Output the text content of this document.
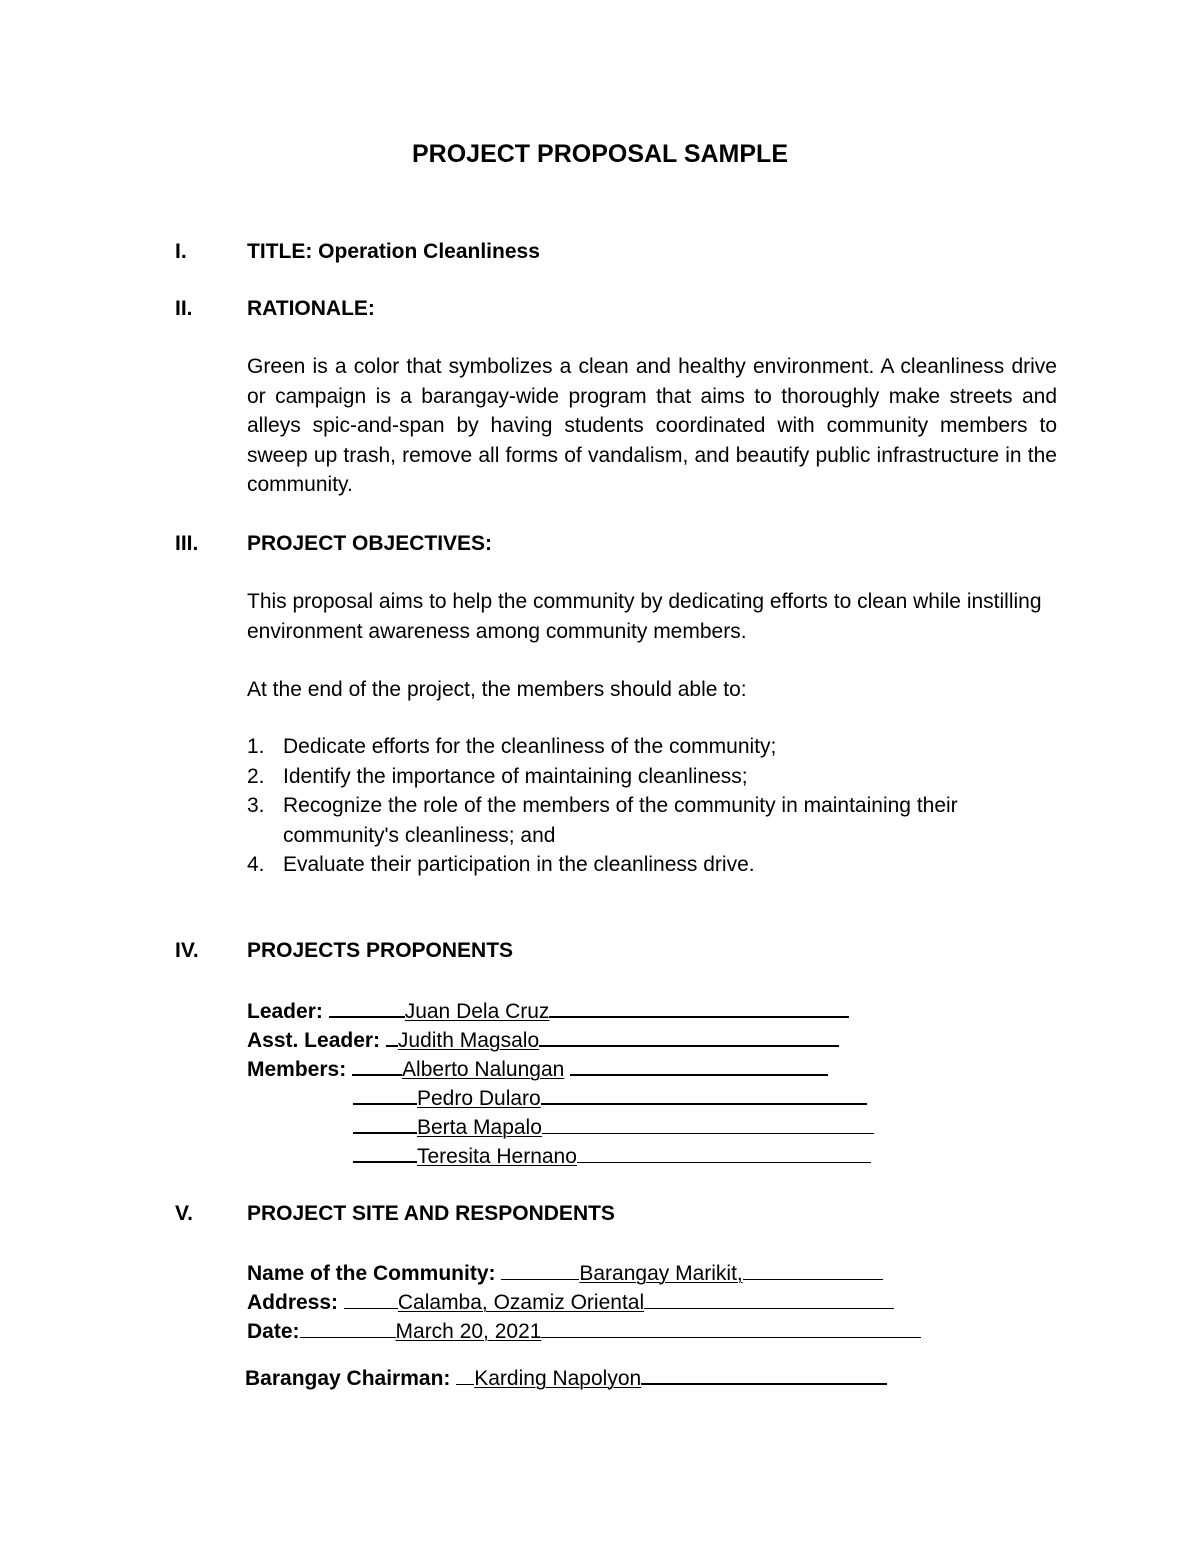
PROJECT PROPOSAL SAMPLE
I.	TITLE: Operation Cleanliness
II.	RATIONALE:
Green is a color that symbolizes a clean and healthy environment. A cleanliness drive or campaign is a barangay-wide program that aims to thoroughly make streets and alleys spic-and-span by having students coordinated with community members to sweep up trash, remove all forms of vandalism, and beautify public infrastructure in the community.
III.	PROJECT OBJECTIVES:
This proposal aims to help the community by dedicating efforts to clean while instilling environment awareness among community members.
At the end of the project, the members should able to:
1. Dedicate efforts for the cleanliness of the community;
2. Identify the importance of maintaining cleanliness;
3. Recognize the role of the members of the community in maintaining their community's cleanliness; and
4. Evaluate their participation in the cleanliness drive.
IV.	PROJECTS PROPONENTS
Leader:	Juan Dela Cruz
Asst. Leader: Judith Magsalo
Members:	Alberto Nalungan
Pedro Dularo
Berta Mapalo
Teresita Hernano
V.	PROJECT SITE AND RESPONDENTS
Name of the Community:	Barangay Marikit,
Address:	Calamba, Ozamiz Oriental
Date:	March 20, 2021
Barangay Chairman: Karding Napolyon
